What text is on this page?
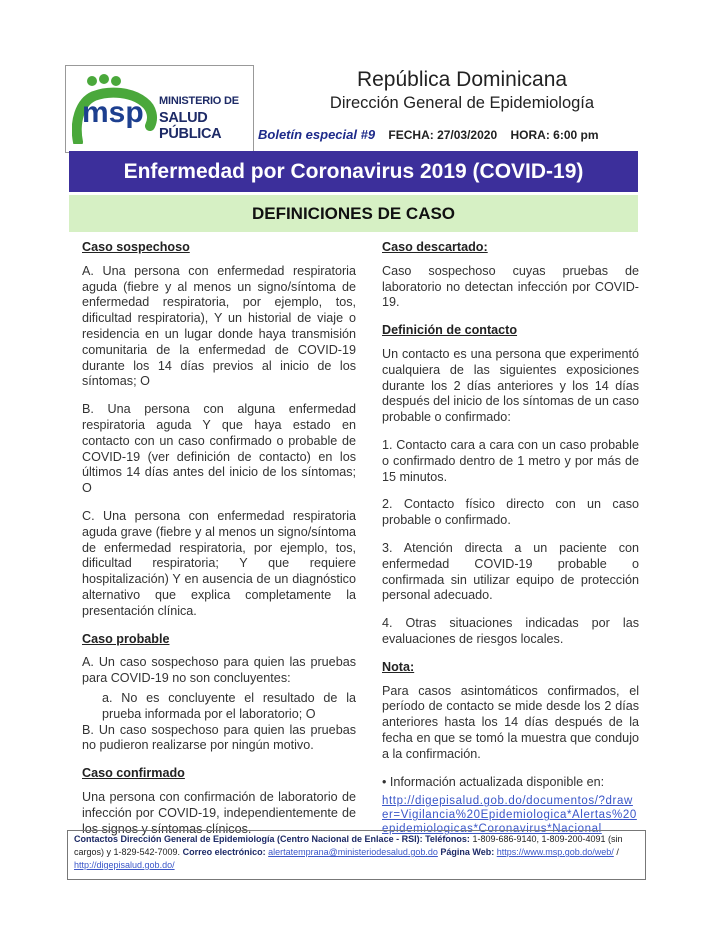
msp MINISTERIO DE
SALUD PÚBLICA
República Dominicana
Dirección General de Epidemiología
Boletín especial #9 FECHA: 27/03/2020 HORA: 6:00 pm
Enfermedad por Coronavirus 2019 (COVID-19)
DEFINICIONES DE CASO
Caso sospechoso
A. Una persona con enfermedad respiratoria aguda (fiebre y al menos un signo/síntoma de enfermedad respiratoria, por ejemplo, tos, dificultad respiratoria), Y un historial de viaje o residencia en un lugar donde haya transmisión comunitaria de la enfermedad de COVID-19 durante los 14 días previos al inicio de los síntomas; O
B. Una persona con alguna enfermedad respiratoria aguda Y que haya estado en contacto con un caso confirmado o probable de COVID-19 (ver definición de contacto) en los últimos 14 días antes del inicio de los síntomas; O
C. Una persona con enfermedad respiratoria aguda grave (fiebre y al menos un signo/síntoma de enfermedad respiratoria, por ejemplo, tos, dificultad respiratoria; Y que requiere hospitalización) Y en ausencia de un diagnóstico alternativo que explica completamente la presentación clínica.
Caso probable
A. Un caso sospechoso para quien las pruebas para COVID-19 no son concluyentes:
a. No es concluyente el resultado de la prueba informada por el laboratorio; O
B. Un caso sospechoso para quien las pruebas no pudieron realizarse por ningún motivo.
Caso confirmado
Una persona con confirmación de laboratorio de infección por COVID-19, independientemente de los signos y síntomas clínicos.
Caso descartado:
Caso sospechoso cuyas pruebas de laboratorio no detectan infección por COVID-19.
Definición de contacto
Un contacto es una persona que experimentó cualquiera de las siguientes exposiciones durante los 2 días anteriores y los 14 días después del inicio de los síntomas de un caso probable o confirmado:
1. Contacto cara a cara con un caso probable o confirmado dentro de 1 metro y por más de 15 minutos.
2. Contacto físico directo con un caso probable o confirmado.
3. Atención directa a un paciente con enfermedad COVID-19 probable o confirmada sin utilizar equipo de protección personal adecuado.
4. Otras situaciones indicadas por las evaluaciones de riesgos locales.
Nota:
Para casos asintomáticos confirmados, el período de contacto se mide desde los 2 días anteriores hasta los 14 días después de la fecha en que se tomó la muestra que condujo a la confirmación.
• Información actualizada disponible en:
http://digepisalud.gob.do/documentos/?drawer=Vigilancia%20Epidemiologica*Alertas%20epidemiologicas*Coronavirus*Nacional
Contactos Dirección General de Epidemiología (Centro Nacional de Enlace - RSI): Teléfonos: 1-809-686-9140, 1-809-200-4091 (sin cargos) y 1-829-542-7009. Correo electrónico: alertatemprana@ministeriodesalud.gob.do Página Web: https://www.msp.gob.do/web/ / http://digepisalud.gob.do/
